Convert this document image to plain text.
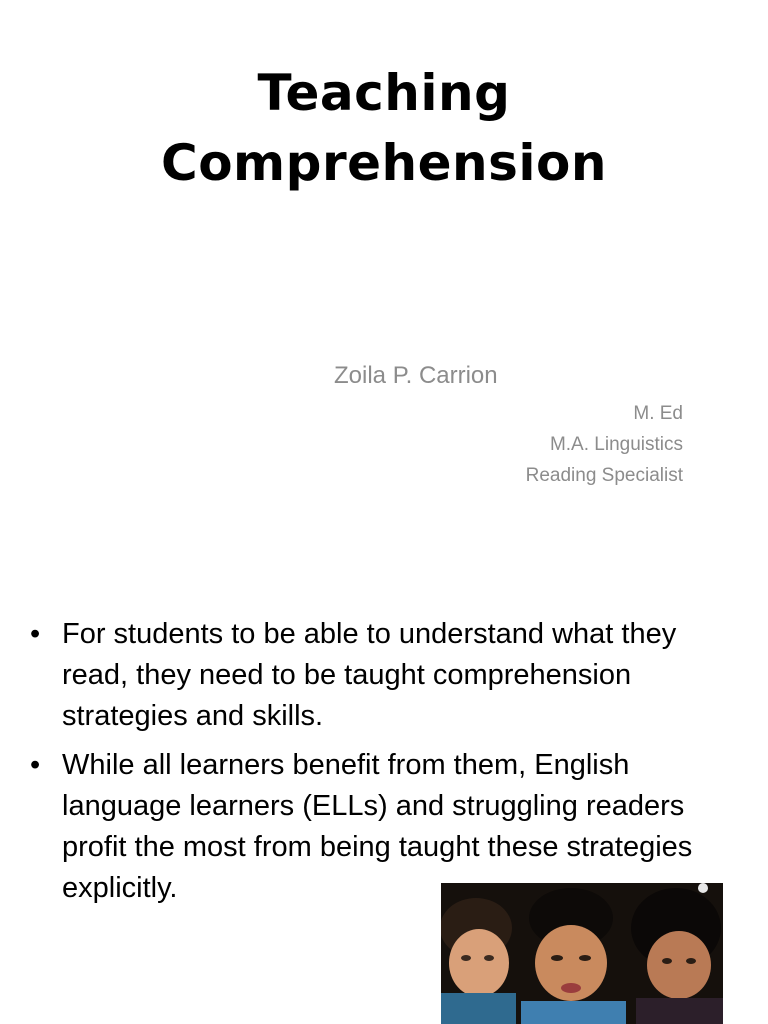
Teaching
Comprehension
Zoila P. Carrion
M. Ed
M.A. Linguistics
Reading Specialist
• For students to be able to understand what they read, they need to be taught comprehension strategies and skills.
• While all learners benefit from them, English language learners (ELLs) and struggling readers profit the most from being taught these strategies explicitly.
